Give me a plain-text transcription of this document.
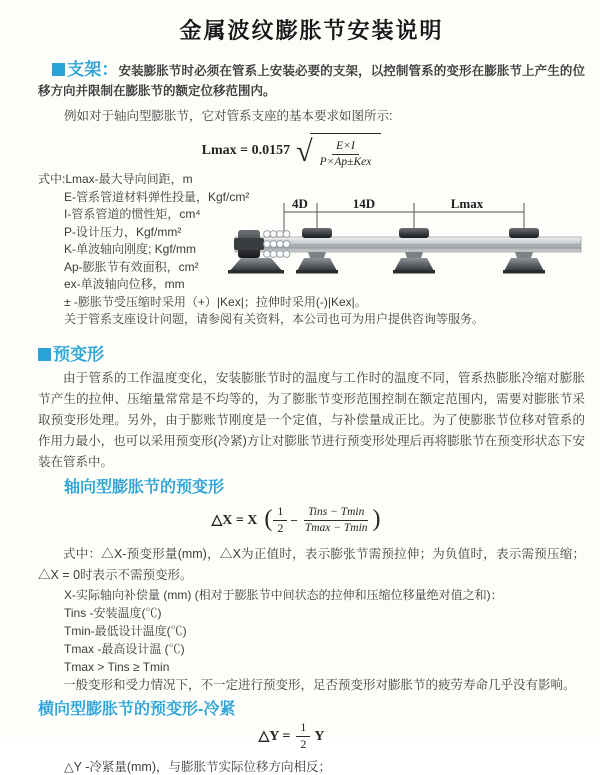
金属波纹膨胀节安装说明

支架：安装膨胀节时必须在管系上安装必要的支架，以控制管系的变形在膨胀节上产生的位移方向并限制在膨胀节的额定位移范围内。

例如对于轴向型膨胀节，它对管系支座的基本要求如图所示:

Lmax = 0.0157 √ $\frac{E\times I}{\text{P×Ap±Kex}}$
式中:Lmax-最大导向间距，m
E-管系管道材料弹性投量，Kgf/cm²
I-管系管道的惯性矩，cm⁴
P-设计压力，Kgf/mm²
K-单波轴向刚度; Kgf/mm
Ap-膨胀节有效面积，cm²
ex-单波轴向位移，mm
± -膨胀节受压缩时采用（+）|Kex|；拉伸时采用(-)|Kex|。
关于管系支座设计问题，请参阅有关资料，本公司也可为用户提供咨询等服务。
4D	14D	Lmax
预变形

由于管系的工作温度变化，安装膨胀节时的温度与工作时的温度不同，管系热膨胀冷缩对膨胀节产生的拉伸、压缩量常常是不均等的，为了膨胀节变形范围控制在额定范围内，需要对膨胀节采取预变形处理。另外，由于膨账节刚度是一个定值，与补偿量成正比。为了使膨胀节位移对管系的作用力最小，也可以采用预变形(冷紧)方让对膨胀节进行预变形处理后再将膨胀节在预变形状态下安装在管系中。

轴向型膨胀节的预变形
△X = X ( $\frac{1}{2} - \frac{\text{Tins − Tmin}}{Tmax - Tmin}$ )

式中：△X-预变形量(mm)，△X为正值时，表示膨张节需预拉伸；为负值时，表示需预压缩；△X = 0时表示不需预变形。

X-实际轴向补偿量 (mm) (相对于膨胀节中间状态的拉伸和压缩位移量绝对值之和)：
Tins -安装温度(℃)
Tmin-最低设计温度(℃)
Tmax -最高设计温 (℃)
Tmax > Tins ≥ Tmin

一般变形和受力情况下，不一定进行预变形，足否预变形对膨胀节的疲劳寿命几乎没有影响。

横向型膨胀节的预变形-冷紧
△Y = $\frac{1}{2}$ Y
△Y -冷紧量(mm)，与膨胀节实际位移方向相反；
